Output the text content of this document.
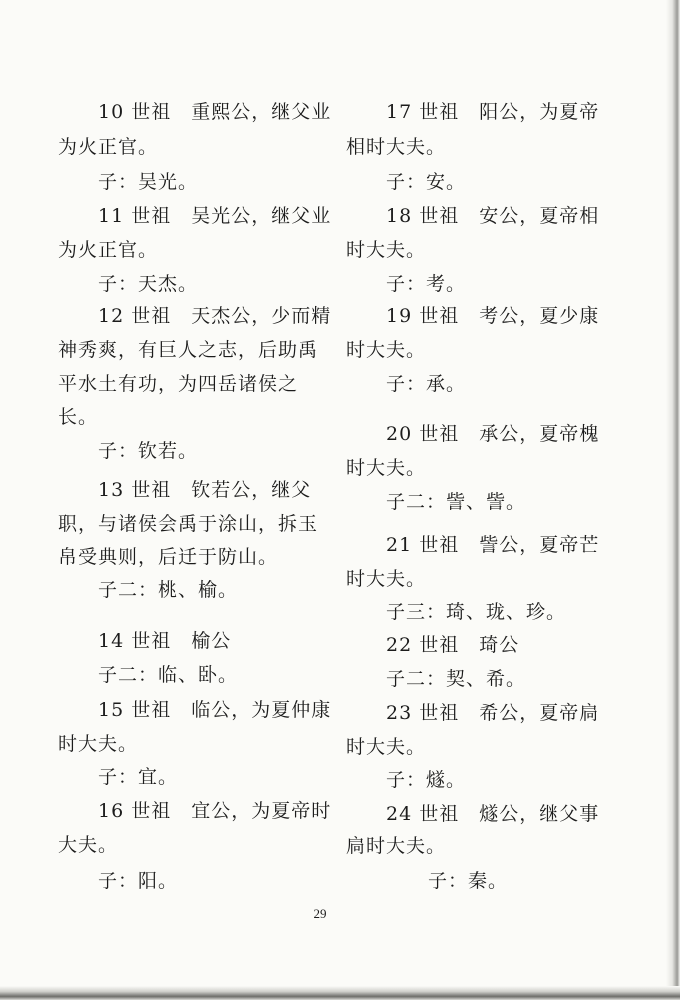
10 世祖　重熙公，继父业
为火正官。
子：吴光。
11 世祖　吴光公，继父业
为火正官。
子：天杰。
12 世祖　天杰公，少而精
神秀爽，有巨人之志，后助禹
平水土有功，为四岳诸侯之
长。
子：钦若。
13 世祖　钦若公，继父
职，与诸侯会禹于涂山，拆玉
帛受典则，后迁于防山。
子二：桃、榆。
14 世祖　榆公
子二：临、卧。
15 世祖　临公，为夏仲康
时大夫。
子：宜。
16 世祖　宜公，为夏帝时
大夫。
子：阳。
17 世祖　阳公，为夏帝
相时大夫。
子：安。
18 世祖　安公，夏帝相
时大夫。
子：考。
19 世祖　考公，夏少康
时大夫。
子：承。
20 世祖　承公，夏帝槐
时大夫。
子二：訾、訾。
21 世祖　訾公，夏帝芒
时大夫。
子三：琦、珑、珍。
22 世祖　琦公
子二：契、希。
23 世祖　希公，夏帝扃
时大夫。
子：燧。
24 世祖　燧公，继父事
扃时大夫。
子：秦。
29
